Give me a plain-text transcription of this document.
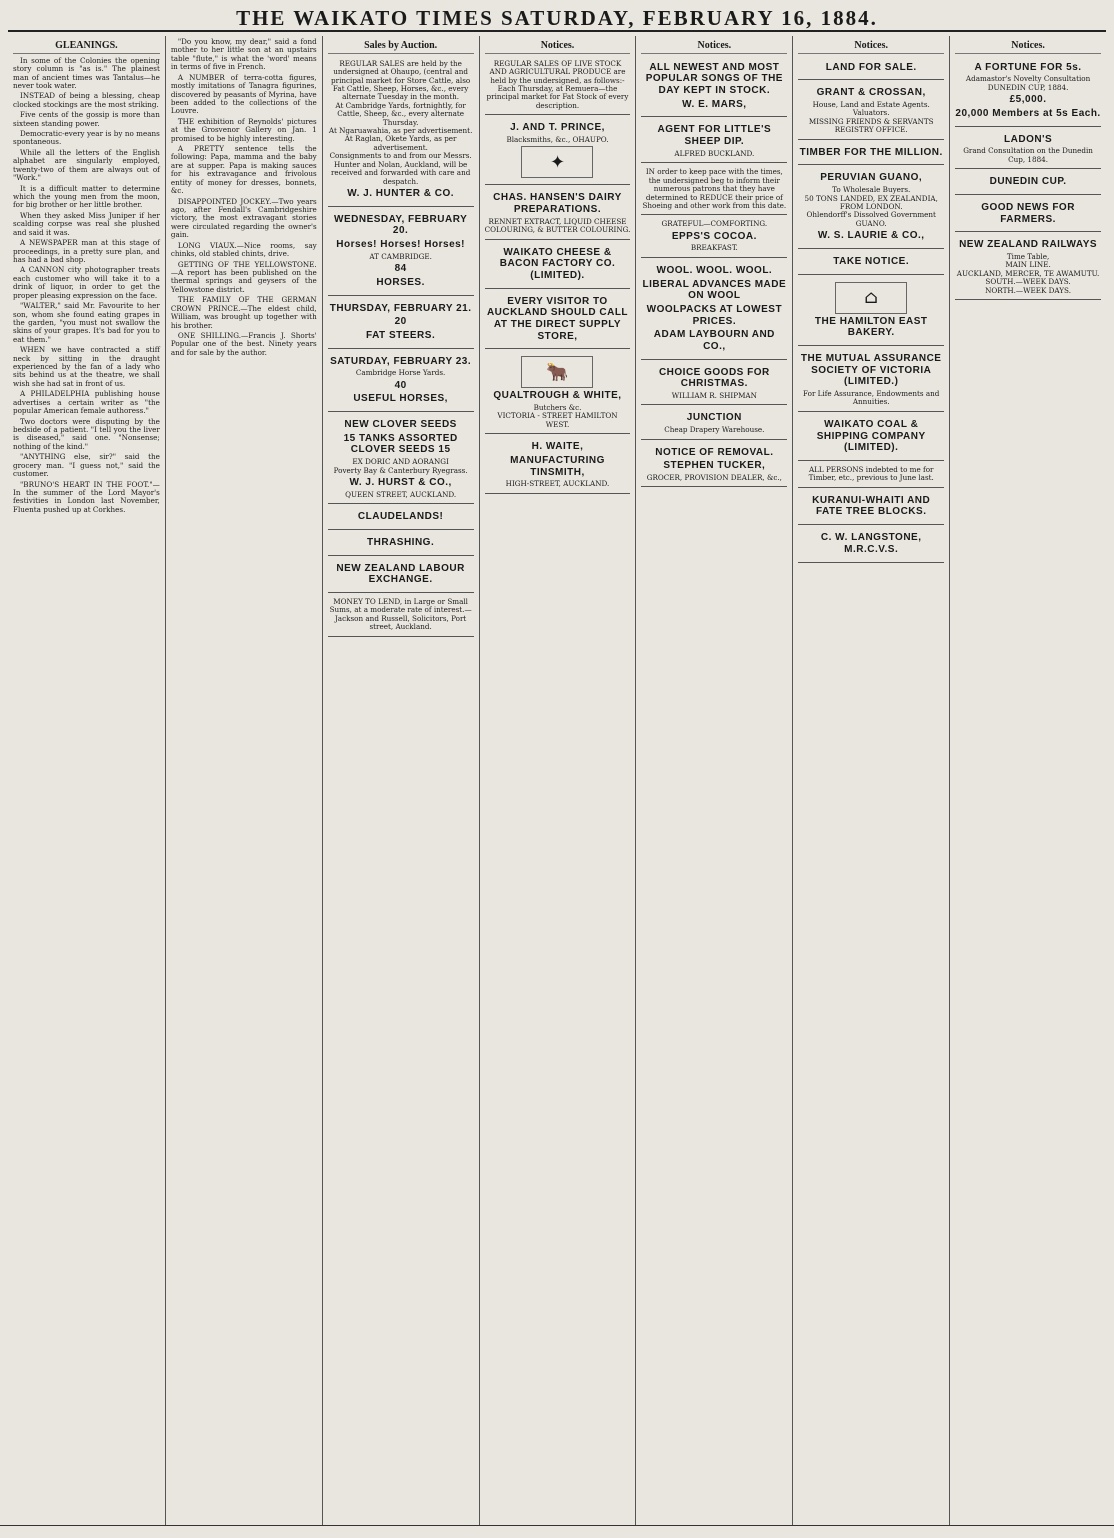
THE WAIKATO TIMES SATURDAY, FEBRUARY 16, 1884.
GLEANINGS.

In some of the Colonies the opening story column is "as is." The plainest man of ancient times was Tantalus—he never took water.

INSTEAD of being a blessing, cheap clocked stockings are the most striking.

Five cents of the gossip is more than sixteen standing power.

Democratic-every year is by no means spontaneous.

While all the letters of the English alphabet are singularly employed, twenty-two of them are always out of "Work."

It is a difficult matter to determine which the young men from the moon, for big brother or her little brother.

When they asked Miss Juniper if her scalding corpse was real she plushed and said it was.

A NEWSPAPER man at this stage of proceedings, in a pretty sure plan, and has had a bad shop.

A CANNON city photographer treats each customer who will take it to a drink of liquor, in order to get the proper pleasing expression on the face.

"WALTER," said Mr. Favourite to her son, whom she found eating grapes in the garden, "you must not swallow the skins of your grapes. It's bad for you to eat them."

WHEN we have contracted a stiff neck by sitting in the draught experienced by the fan of a lady who sits behind us at the theatre, we shall wish she had sat in front of us.

A PHILADELPHIA publishing house advertises a certain writer as "the popular American female authoress."

Two doctors were disputing by the bedside of a patient. "I tell you the liver is diseased," said one. "Nonsense; nothing of the kind."

"ANYTHING else, sir?" said the grocery man. "I guess not," said the customer.

"BRUNO'S HEART IN THE FOOT."—In the summer of the Lord Mayor's festivities in London last November, Fluenta pushed up at Corkhes.

"Do you know, my dear," said a fond mother to her little son at an upstairs table "flute," is what the 'word' means in terms of five in French.

A NUMBER of terra-cotta figures, mostly imitations of Tanagra figurines, discovered by peasants of Myrina, have been added to the collections of the Louvre.

THE exhibition of Reynolds' pictures at the Grosvenor Gallery on Jan. 1 promised to be highly interesting.

A PRETTY sentence tells the following: Papa, mamma and the baby are at supper. Papa is making sauces for his extravagance and frivolous entity of money for dresses, bonnets, &c.

DISAPPOINTED JOCKEY.—Two years ago, after Fendall's Cambridgeshire victory, the most extravagant stories were circulated regarding the owner's gain.

LONG VIAUX.—Nice rooms, say chinks, old stabled chints, drive.

GETTING OF THE YELLOWSTONE.—A report has been published on the thermal springs and geysers of the Yellowstone district.

THE FAMILY OF THE GERMAN CROWN PRINCE.—The eldest child, William, was brought up together with his brother.

ONE SHILLING.—Francis J. Shorts' Popular one of the best. Ninety years and for sale by the author.

Sales by Auction.
REGULAR SALES are held by the undersigned at Ohaupo, (central and principal market for Store Cattle, also Fat Cattle, Sheep, Horses, &c., every alternate Tuesday in the month.
At Cambridge Yards, fortnightly, for Cattle, Sheep, &c., every alternate Thursday.
At Ngaruawahia, as per advertisement.
At Raglan, Okete Yards, as per advertisement.
Consignments to and from our Messrs. Hunter and Nolan, Auckland, will be received and forwarded with care and despatch.
W. J. HUNTER & CO.
WEDNESDAY, FEBRUARY 20.
Horses! Horses! Horses!
AT CAMBRIDGE.
84
HORSES.
THURSDAY, FEBRUARY 21.
20
FAT STEERS.
SATURDAY, FEBRUARY 23.
Cambridge Horse Yards.
40
USEFUL HORSES,
NEW CLOVER SEEDS
15 TANKS ASSORTED CLOVER SEEDS 15
EX DORIC AND AORANGI
Poverty Bay & Canterbury Ryegrass.
W. J. HURST & CO.,
QUEEN STREET, AUCKLAND.
CLAUDELANDS!
THRASHING.
NEW ZEALAND LABOUR EXCHANGE.
MONEY TO LEND, in Large or Small Sums, at a moderate rate of interest.—Jackson and Russell, Solicitors, Port street, Auckland.
Notices.
REGULAR SALES OF LIVE STOCK AND AGRICULTURAL PRODUCE are held by the undersigned, as follows:-
Each Thursday, at Remuera—the principal market for Fat Stock of every description.
J. AND T. PRINCE,
Blacksmiths, &c., OHAUPO.
✦
CHAS. HANSEN'S DAIRY PREPARATIONS.
RENNET EXTRACT, LIQUID CHEESE COLOURING, & BUTTER COLOURING.
WAIKATO CHEESE & BACON FACTORY CO. (LIMITED).
EVERY VISITOR TO AUCKLAND SHOULD CALL AT THE DIRECT SUPPLY STORE,
🐂
QUALTROUGH & WHITE,
Butchers &c.
VICTORIA - STREET HAMILTON WEST.
H. WAITE,
MANUFACTURING TINSMITH,
HIGH-STREET, AUCKLAND.
Notices.
ALL NEWEST AND MOST POPULAR SONGS OF THE DAY KEPT IN STOCK.
W. E. MARS,
AGENT FOR LITTLE'S SHEEP DIP.
ALFRED BUCKLAND.
IN order to keep pace with the times, the undersigned beg to inform their numerous patrons that they have determined to REDUCE their price of Shoeing and other work from this date.
GRATEFUL—COMFORTING.
EPPS'S COCOA.
BREAKFAST.
WOOL. WOOL. WOOL.
LIBERAL ADVANCES MADE ON WOOL
WOOLPACKS AT LOWEST PRICES.
ADAM LAYBOURN AND CO.,
CHOICE GOODS FOR CHRISTMAS.
WILLIAM R. SHIPMAN
JUNCTION
Cheap Drapery Warehouse.
NOTICE OF REMOVAL.
STEPHEN TUCKER,
GROCER, PROVISION DEALER, &c.,
Notices.
LAND FOR SALE.
GRANT & CROSSAN,
House, Land and Estate Agents.
Valuators.
MISSING FRIENDS & SERVANTS REGISTRY OFFICE.
TIMBER FOR THE MILLION.
PERUVIAN GUANO,
To Wholesale Buyers.
50 TONS LANDED, EX ZEALANDIA, FROM LONDON.
Ohlendorff's Dissolved Government GUANO.
W. S. LAURIE & CO.,
TAKE NOTICE.
⌂
THE HAMILTON EAST BAKERY.
THE MUTUAL ASSURANCE SOCIETY OF VICTORIA (LIMITED.)
For Life Assurance, Endowments and Annuities.
WAIKATO COAL & SHIPPING COMPANY (LIMITED).
ALL PERSONS indebted to me for Timber, etc., previous to June last.
KURANUI-WHAITI AND FATE TREE BLOCKS.
C. W. LANGSTONE, M.R.C.V.S.
Notices.
A FORTUNE FOR 5s.
Adamastor's Novelty Consultation
DUNEDIN CUP, 1884.
£5,000.
20,000 Members at 5s Each.
LADON'S
Grand Consultation on the Dunedin Cup, 1884.
DUNEDIN CUP.
GOOD NEWS FOR FARMERS.
NEW ZEALAND RAILWAYS
Time Table,
MAIN LINE.
AUCKLAND, MERCER, TE AWAMUTU.
SOUTH.—WEEK DAYS.
NORTH.—WEEK DAYS.
